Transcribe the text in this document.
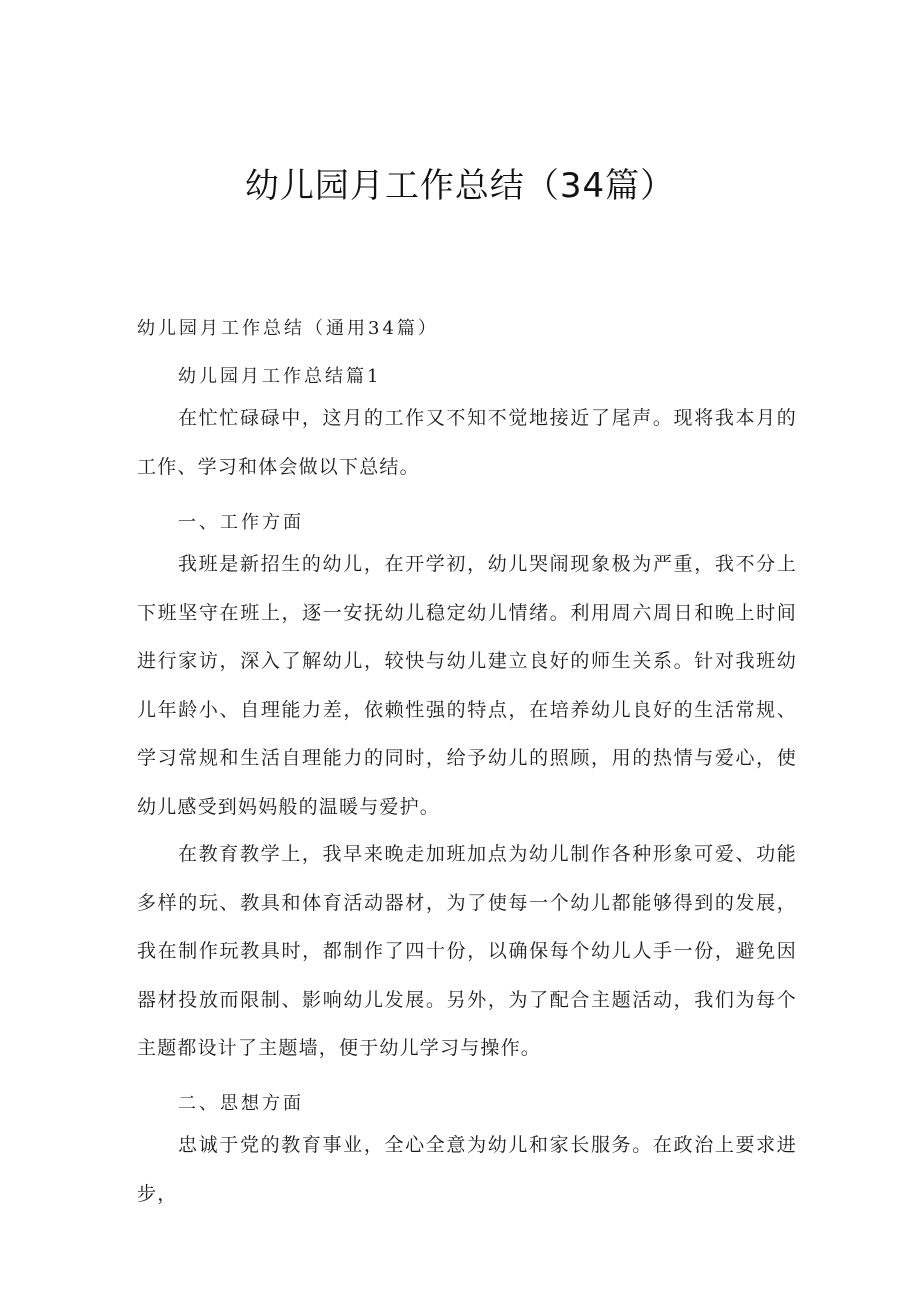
幼儿园月工作总结（34篇）
幼儿园月工作总结（通用34篇）
幼儿园月工作总结篇1
在忙忙碌碌中，这月的工作又不知不觉地接近了尾声。现将我本月的工作、学习和体会做以下总结。
一、工作方面
我班是新招生的幼儿，在开学初，幼儿哭闹现象极为严重，我不分上下班坚守在班上，逐一安抚幼儿稳定幼儿情绪。利用周六周日和晚上时间进行家访，深入了解幼儿，较快与幼儿建立良好的师生关系。针对我班幼儿年龄小、自理能力差，依赖性强的特点，在培养幼儿良好的生活常规、学习常规和生活自理能力的同时，给予幼儿的照顾，用的热情与爱心，使幼儿感受到妈妈般的温暖与爱护。
在教育教学上，我早来晚走加班加点为幼儿制作各种形象可爱、功能多样的玩、教具和体育活动器材，为了使每一个幼儿都能够得到的发展，我在制作玩教具时，都制作了四十份，以确保每个幼儿人手一份，避免因器材投放而限制、影响幼儿发展。另外，为了配合主题活动，我们为每个主题都设计了主题墙，便于幼儿学习与操作。
二、思想方面
忠诚于党的教育事业，全心全意为幼儿和家长服务。在政治上要求进步，
